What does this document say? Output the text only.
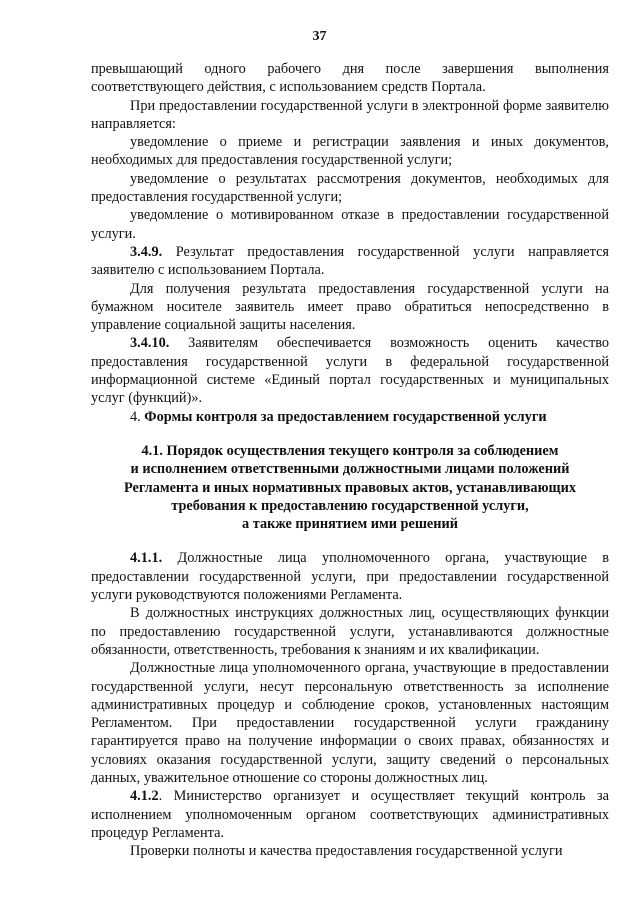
37

превышающий одного рабочего дня после завершения выполнения соответствующего действия, с использованием средств Портала.

При предоставлении государственной услуги в электронной форме заявителю направляется:

уведомление о приеме и регистрации заявления и иных документов, необходимых для предоставления государственной услуги;

уведомление о результатах рассмотрения документов, необходимых для предоставления государственной услуги;

уведомление о мотивированном отказе в предоставлении государственной услуги.

3.4.9. Результат предоставления государственной услуги направляется заявителю с использованием Портала.

Для получения результата предоставления государственной услуги на бумажном носителе заявитель имеет право обратиться непосредственно в управление социальной защиты населения.

3.4.10. Заявителям обеспечивается возможность оценить качество предоставления государственной услуги в федеральной государственной информационной системе «Единый портал государственных и муниципальных услуг (функций)».

4. Формы контроля за предоставлением государственной услуги

4.1. Порядок осуществления текущего контроля за соблюдением
и исполнением ответственными должностными лицами положений
Регламента и иных нормативных правовых актов, устанавливающих
требования к предоставлению государственной услуги,
а также принятием ими решений

4.1.1. Должностные лица уполномоченного органа, участвующие в предоставлении государственной услуги, при предоставлении государственной услуги руководствуются положениями Регламента.

В должностных инструкциях должностных лиц, осуществляющих функции по предоставлению государственной услуги, устанавливаются должностные обязанности, ответственность, требования к знаниям и их квалификации.

Должностные лица уполномоченного органа, участвующие в предоставлении государственной услуги, несут персональную ответственность за исполнение административных процедур и соблюдение сроков, установленных настоящим Регламентом. При предоставлении государственной услуги гражданину гарантируется право на получение информации о своих правах, обязанностях и условиях оказания государственной услуги, защиту сведений о персональных данных, уважительное отношение со стороны должностных лиц.

4.1.2. Министерство организует и осуществляет текущий контроль за исполнением уполномоченным органом соответствующих административных процедур Регламента.

Проверки полноты и качества предоставления государственной услуги
